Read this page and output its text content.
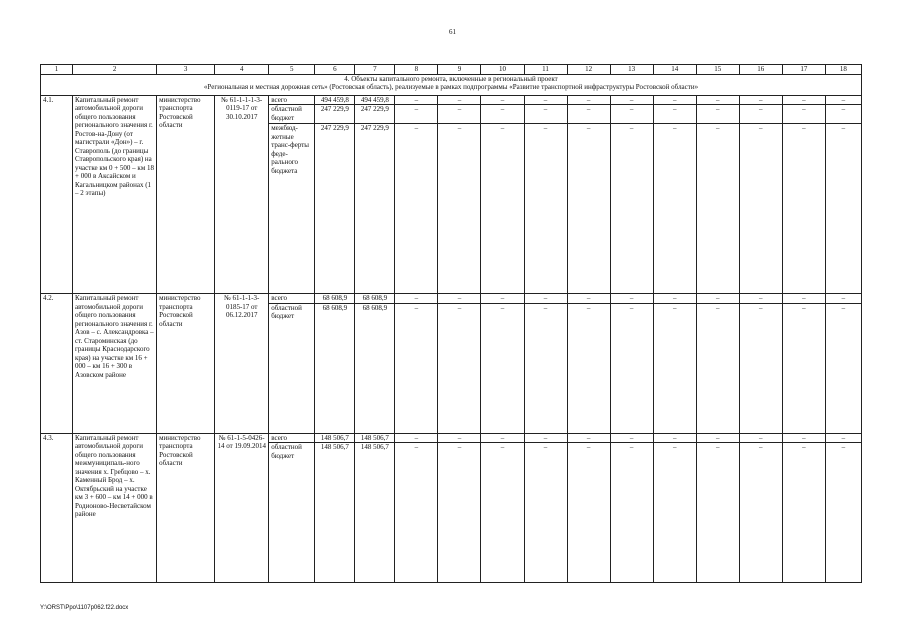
61
1	2	3	4	5	6	7	8	9	10	11	12	13	14	15	16	17	18

4. Объекты капитального ремонта, включенные в региональный проект
«Региональная и местная дорожная сеть» (Ростовская область), реализуемые в рамках подпрограммы «Развитие транспортной инфраструктуры Ростовской области»																	

4.1.	Капитальный ремонт автомобильной дороги общего пользования регионального значения г. Ростов-на-Дону (от магистрали «Дон») – г. Ставрополь (до границы Ставропольского края) на участке км 0 + 500 – км 18 + 000 в Аксайском и Кагальницком районах (1 – 2 этапы)	министерство транспорта Ростовской области	№ 61-1-1-1-3-0119-17 от 30.10.2017	всего	494 459,8	494 459,8	–	–	–	–	–	–	–	–	–	–	–
				областной бюджет	247 229,9	247 229,9	–	–	–	–	–	–	–	–	–	–	–
				межбюд-жетные транс-ферты феде-рального бюджета	247 229,9	247 229,9	–	–	–	–	–	–	–	–	–	–	–
4.2.	Капитальный ремонт автомобильной дороги общего пользования регионального значения г. Азов – с. Александровка – ст. Староминская (до границы Краснодарского края) на участке км 16 + 000 – км 16 + 300 в Азовском районе	министерство транспорта Ростовской области	№ 61-1-1-3-0185-17 от 06.12.2017	всего	68 608,9	68 608,9	–	–	–	–	–	–	–	–	–	–	–
				областной бюджет	68 608,9	68 608,9	–	–	–	–	–	–	–	–	–	–	–
4.3.	Капитальный ремонт автомобильной дороги общего пользования межмуниципаль-ного значения х. Гребцово – х. Каменный Брод – х. Октябрьский на участке км 3 + 600 – км 14 + 000 в Родионово-Несветайском районе	министерство транспорта Ростовской области	№ 61-1-5-0426-14 от 19.09.2014	всего	148 506,7	148 506,7	–	–	–	–	–	–	–	–	–	–	–
				областной бюджет	148 506,7	148 506,7	–	–	–	–	–	–	–	–	–	–	–
Y:\ORST\Ppo\1107p062.f22.docx
